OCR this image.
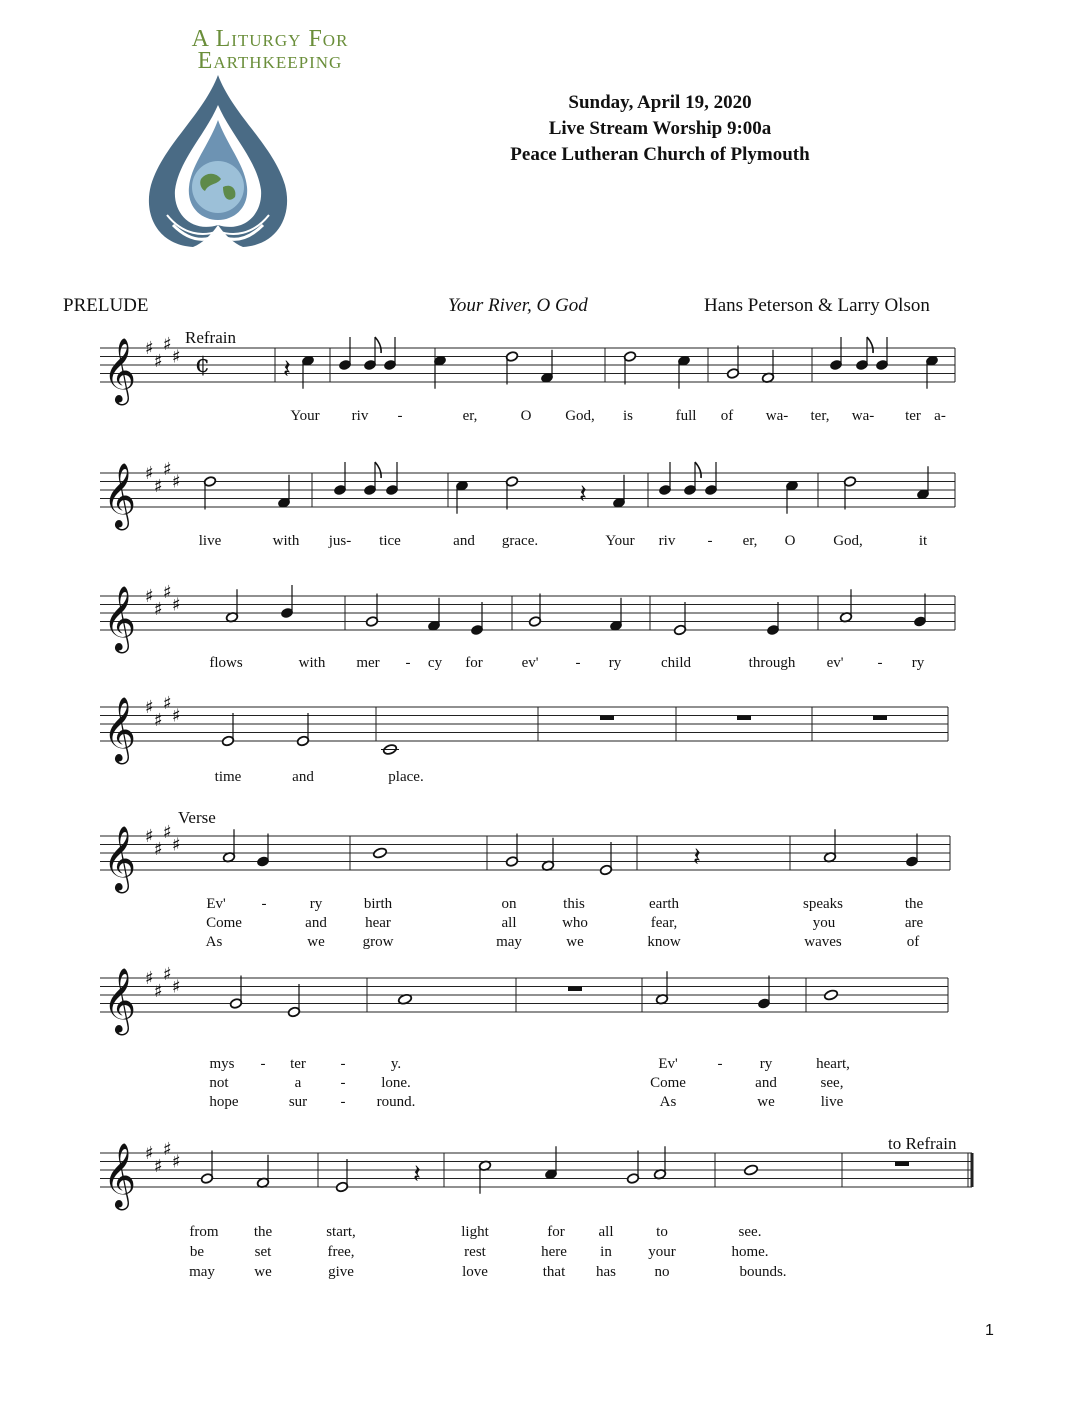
A Liturgy For
Earthkeeping
Sunday, April 19, 2020
Live Stream Worship 9:00a
Peace Lutheran Church of Plymouth
PRELUDE	Your River, O God	Hans Peterson & Larry Olson
Refrain
Verse
to Refrain
𝄞 ♯
♯
♯
♯ ¢	𝄽
𝄞 ♯
♯
♯
♯	𝄽
𝄞 ♯
♯
♯
♯
𝄞 ♯
♯
♯
♯
𝄞 ♯
♯
♯
♯	𝄽
𝄞 ♯
♯
♯
♯
𝄞 ♯
♯
♯
♯	𝄽
Your riv -	er,	O God, is	full of wa- ter, wa- ter a-
live	with jus- tice	and grace.	Your riv - er, O	God,	it
flows	with mer - cy for	ev' - ry	child	through ev' - ry
time	and	place.
Ev' -	ry	birth	on	this	earth	speaks	the
Come	and	hear	all	who	fear,	you	are
As	we	grow	may	we	know	waves	of
mys - ter -	y.	Ev'	- ry	heart,
not	a	- lone.	Come	and	see,
hope	sur - round.	As	we	live
from the	start,	light	for all	to	see.
be	set	free,	rest	here in your	home.
may	we	give	love	that has	no	bounds.
1
